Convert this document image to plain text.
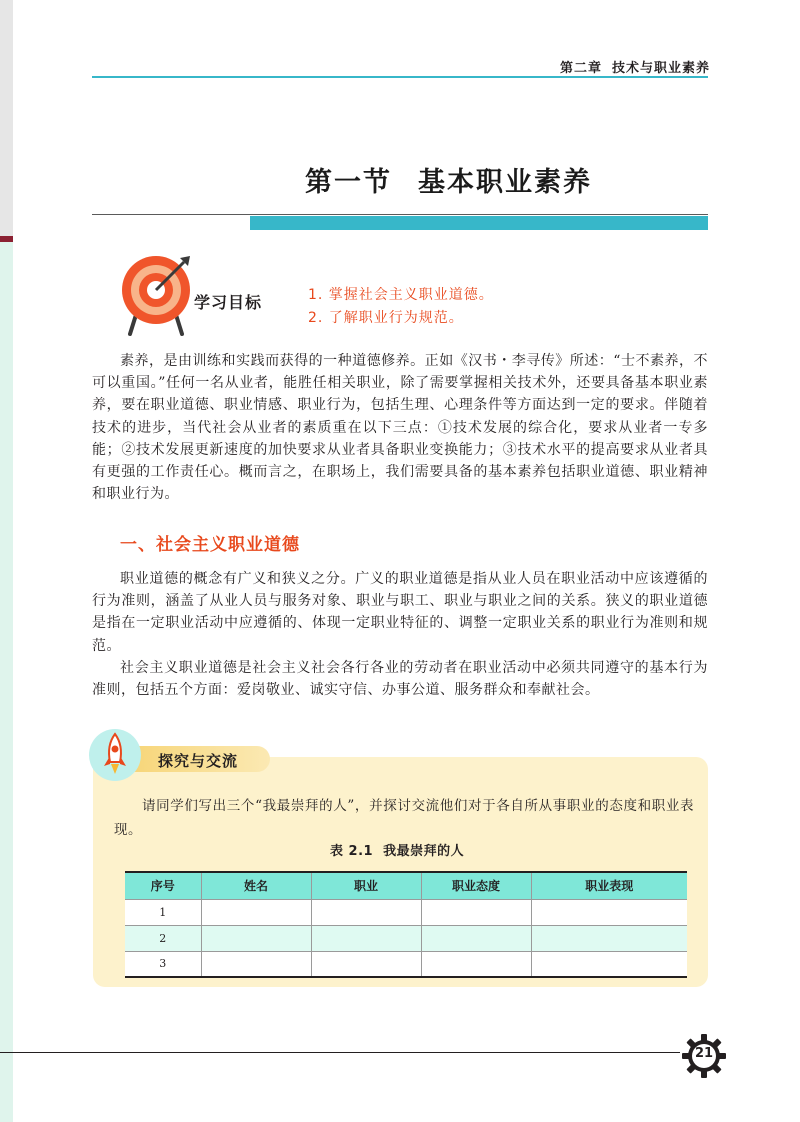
第二章 技术与职业素养
第一节 基本职业素养
学习目标	1. 掌握社会主义职业道德。
2. 了解职业行为规范。

素养，是由训练和实践而获得的一种道德修养。正如《汉书・李寻传》所述：“士不素养，不可以重国。”任何一名从业者，能胜任相关职业，除了需要掌握相关技术外，还要具备基本职业素养，要在职业道德、职业情感、职业行为，包括生理、心理条件等方面达到一定的要求。伴随着技术的进步，当代社会从业者的素质重在以下三点：①技术发展的综合化，要求从业者一专多能；②技术发展更新速度的加快要求从业者具备职业变换能力；③技术水平的提高要求从业者具有更强的工作责任心。概而言之，在职场上，我们需要具备的基本素养包括职业道德、职业精神和职业行为。

一、社会主义职业道德

职业道德的概念有广义和狭义之分。广义的职业道德是指从业人员在职业活动中应该遵循的行为准则，涵盖了从业人员与服务对象、职业与职工、职业与职业之间的关系。狭义的职业道德是指在一定职业活动中应遵循的、体现一定职业特征的、调整一定职业关系的职业行为准则和规范。

社会主义职业道德是社会主义社会各行各业的劳动者在职业活动中必须共同遵守的基本行为准则，包括五个方面：爱岗敬业、诚实守信、办事公道、服务群众和奉献社会。

探究与交流

请同学们写出三个“我最崇拜的人”，并探讨交流他们对于各自所从事职业的态度和职业表现。

表 2.1 我最崇拜的人
序号	姓名	职业	职业态度	职业表现
1				
2				
3				
21
